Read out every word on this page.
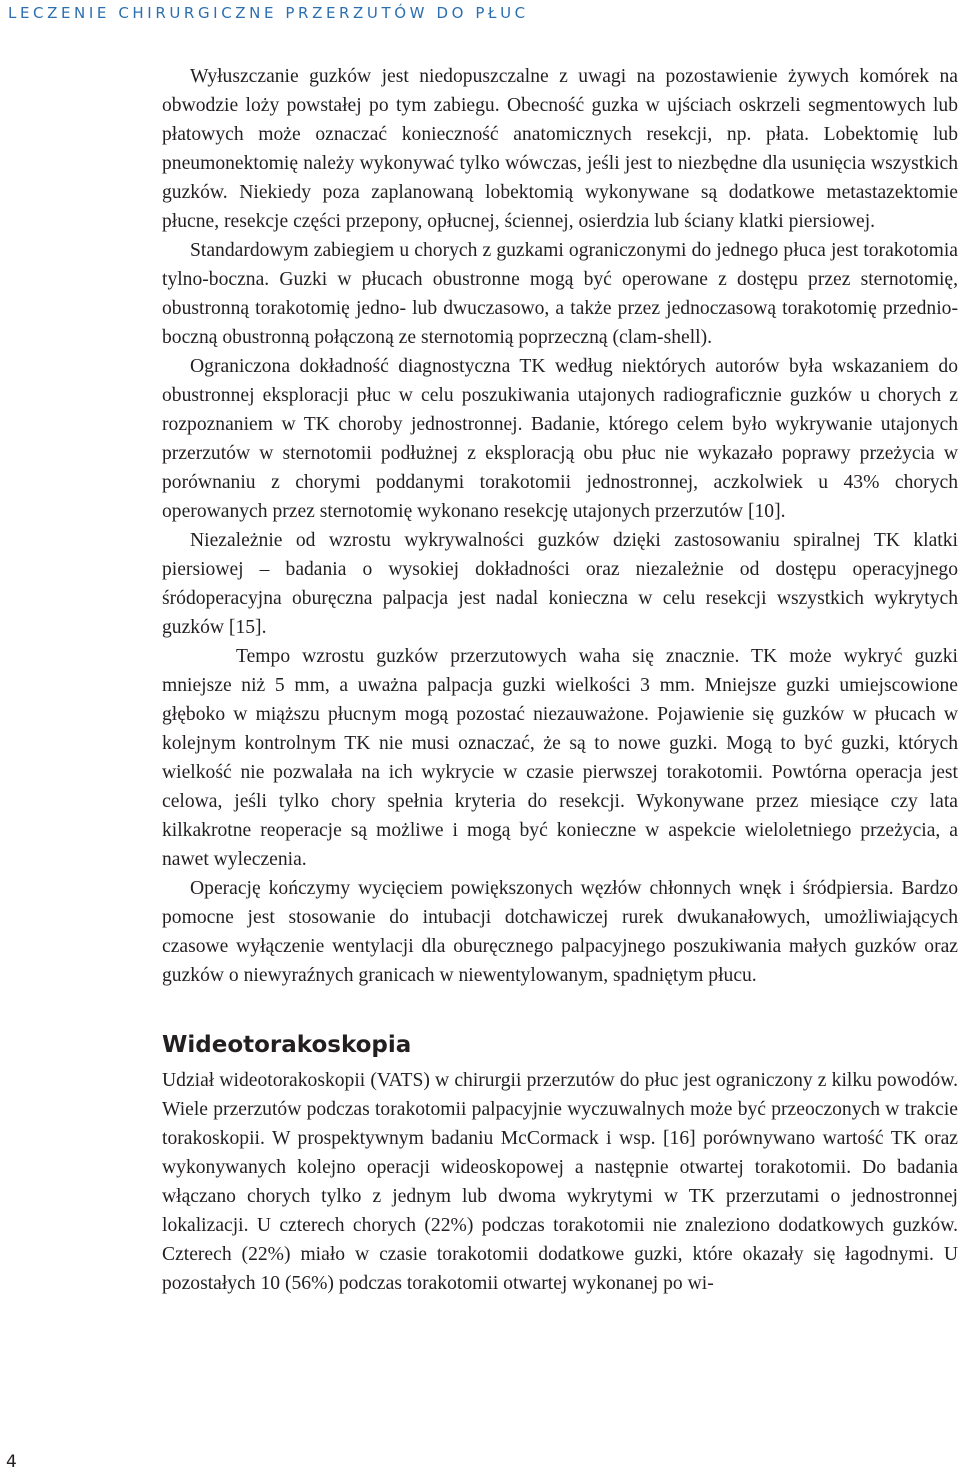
LECZENIE CHIRURGICZNE PRZERZUTÓW DO PŁUC

Wyłuszczanie guzków jest niedopuszczalne z uwagi na pozostawienie żywych komórek na obwodzie loży powstałej po tym zabiegu. Obecność guzka w ujściach oskrzeli segmentowych lub płatowych może oznaczać konieczność anatomicznych resekcji, np. płata. Lobektomię lub pneumonektomię należy wykonywać tylko wówczas, jeśli jest to niezbędne dla usunięcia wszystkich guzków. Niekiedy poza zaplanowaną lobektomią wykonywane są dodatkowe metastazektomie płucne, resekcje części przepony, opłucnej, ściennej, osierdzia lub ściany klatki piersiowej.

Standardowym zabiegiem u chorych z guzkami ograniczonymi do jednego płuca jest torakotomia tylno-boczna. Guzki w płucach obustronne mogą być operowane z dostępu przez sternotomię, obustronną torakotomię jedno- lub dwuczasowo, a także przez jednoczasową torakotomię przednio-boczną obustronną połączoną ze sternotomią poprzeczną (clam-shell).

Ograniczona dokładność diagnostyczna TK według niektórych autorów była wskazaniem do obustronnej eksploracji płuc w celu poszukiwania utajonych radiograficznie guzków u chorych z rozpoznaniem w TK choroby jednostronnej. Badanie, którego celem było wykrywanie utajonych przerzutów w sternotomii podłużnej z eksploracją obu płuc nie wykazało poprawy przeżycia w porównaniu z chorymi poddanymi torakotomii jednostronnej, aczkolwiek u 43% chorych operowanych przez sternotomię wykonano resekcję utajonych przerzutów [10].

Niezależnie od wzrostu wykrywalności guzków dzięki zastosowaniu spiralnej TK klatki piersiowej – badania o wysokiej dokładności oraz niezależnie od dostępu operacyjnego śródoperacyjna oburęczna palpacja jest nadal konieczna w celu resekcji wszystkich wykrytych guzków [15].

Tempo wzrostu guzków przerzutowych waha się znacznie. TK może wykryć guzki mniejsze niż 5 mm, a uważna palpacja guzki wielkości 3 mm. Mniejsze guzki umiejscowione głęboko w miąższu płucnym mogą pozostać niezauważone. Pojawienie się guzków w płucach w kolejnym kontrolnym TK nie musi oznaczać, że są to nowe guzki. Mogą to być guzki, których wielkość nie pozwalała na ich wykrycie w czasie pierwszej torakotomii. Powtórna operacja jest celowa, jeśli tylko chory spełnia kryteria do resekcji. Wykonywane przez miesiące czy lata kilkakrotne reoperacje są możliwe i mogą być konieczne w aspekcie wieloletniego przeżycia, a nawet wyleczenia.

Operację kończymy wycięciem powiększonych węzłów chłonnych wnęk i śródpiersia. Bardzo pomocne jest stosowanie do intubacji dotchawiczej rurek dwukanałowych, umożliwiających czasowe wyłączenie wentylacji dla oburęcznego palpacyjnego poszukiwania małych guzków oraz guzków o niewyraźnych granicach w niewentylowanym, spadniętym płucu.

Wideotorakoskopia

Udział wideotorakoskopii (VATS) w chirurgii przerzutów do płuc jest ograniczony z kilku powodów. Wiele przerzutów podczas torakotomii palpacyjnie wyczuwalnych może być przeoczonych w trakcie torakoskopii. W prospektywnym badaniu McCormack i wsp. [16] porównywano wartość TK oraz wykonywanych kolejno operacji wideoskopowej a następnie otwartej torakotomii. Do badania włączano chorych tylko z jednym lub dwoma wykrytymi w TK przerzutami o jednostronnej lokalizacji. U czterech chorych (22%) podczas torakotomii nie znaleziono dodatkowych guzków. Czterech (22%) miało w czasie torakotomii dodatkowe guzki, które okazały się łagodnymi. U pozostałych 10 (56%) podczas torakotomii otwartej wykonanej po wi-

4
